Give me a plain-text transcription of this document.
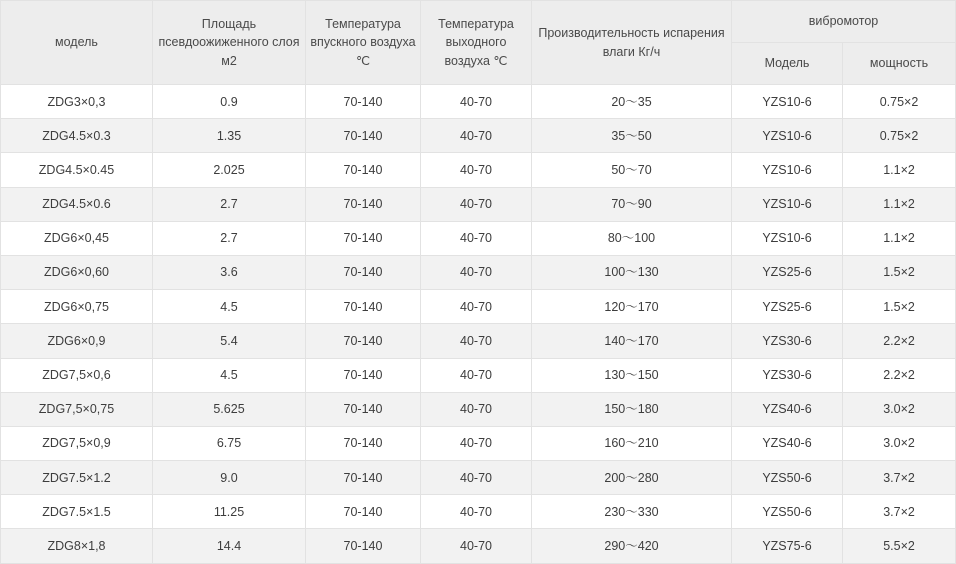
модель	Площадь
псевдоожиженного слоя
м2	Температура
впускного воздуха ℃	Температура
выходного
воздуха ℃	Производительность испарения
влаги Кг/ч	вибромотор	
					Модель	мощность
ZDG3×0,3	0.9	70-140	40-70	20～35	YZS10-6	0.75×2
ZDG4.5×0.3	1.35	70-140	40-70	35～50	YZS10-6	0.75×2
ZDG4.5×0.45	2.025	70-140	40-70	50～70	YZS10-6	1.1×2
ZDG4.5×0.6	2.7	70-140	40-70	70～90	YZS10-6	1.1×2
ZDG6×0,45	2.7	70-140	40-70	80～100	YZS10-6	1.1×2
ZDG6×0,60	3.6	70-140	40-70	100～130	YZS25-6	1.5×2
ZDG6×0,75	4.5	70-140	40-70	120～170	YZS25-6	1.5×2
ZDG6×0,9	5.4	70-140	40-70	140～170	YZS30-6	2.2×2
ZDG7,5×0,6	4.5	70-140	40-70	130～150	YZS30-6	2.2×2
ZDG7,5×0,75	5.625	70-140	40-70	150～180	YZS40-6	3.0×2
ZDG7,5×0,9	6.75	70-140	40-70	160～210	YZS40-6	3.0×2
ZDG7.5×1.2	9.0	70-140	40-70	200～280	YZS50-6	3.7×2
ZDG7.5×1.5	11.25	70-140	40-70	230～330	YZS50-6	3.7×2
ZDG8×1,8	14.4	70-140	40-70	290～420	YZS75-6	5.5×2
